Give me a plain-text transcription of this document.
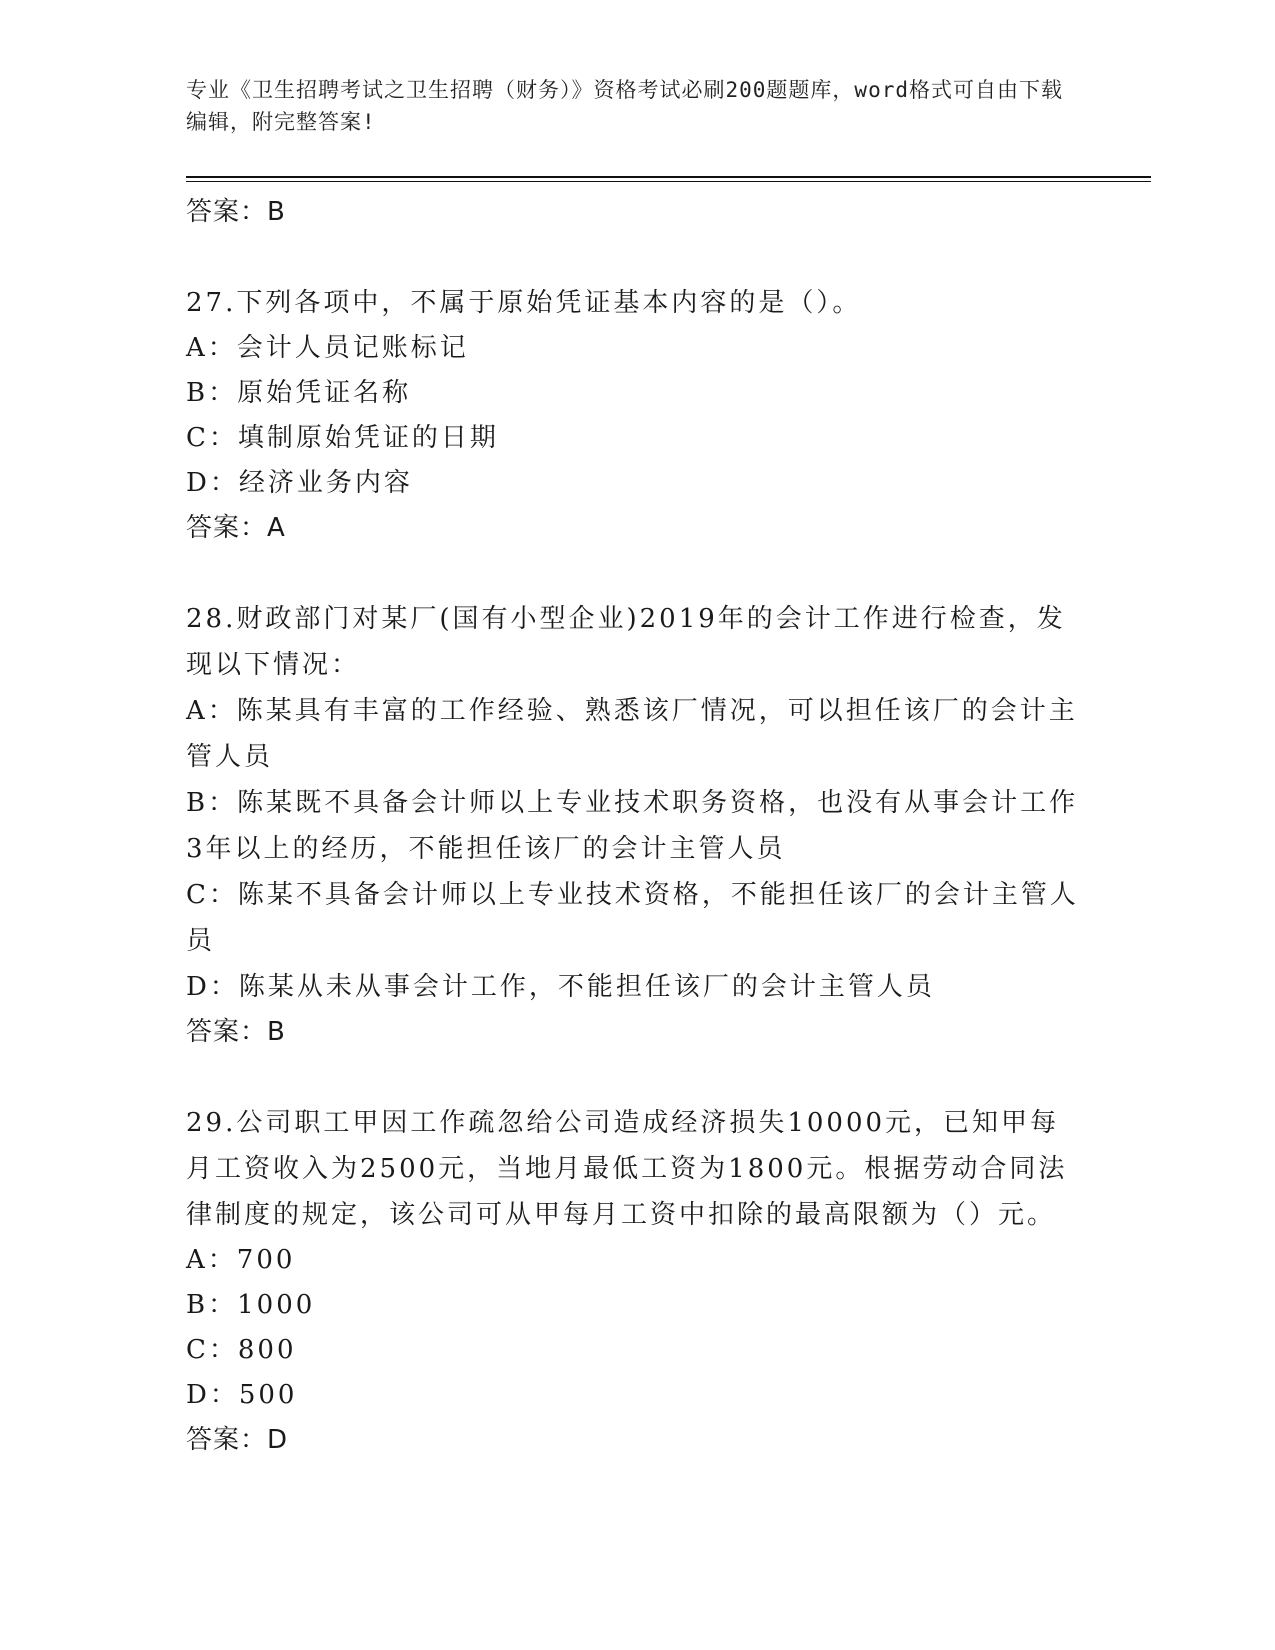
专业《卫生招聘考试之卫生招聘（财务）》资格考试必刷200题题库，word格式可自由下载编辑，附完整答案!

答案：B

27.下列各项中，不属于原始凭证基本内容的是（）。

A：会计人员记账标记

B：原始凭证名称

C：填制原始凭证的日期

D：经济业务内容

答案：A

28.财政部门对某厂(国有小型企业)2019年的会计工作进行检查，发现以下情况：

A：陈某具有丰富的工作经验、熟悉该厂情况，可以担任该厂的会计主管人员

B：陈某既不具备会计师以上专业技术职务资格，也没有从事会计工作3年以上的经历，不能担任该厂的会计主管人员

C：陈某不具备会计师以上专业技术资格，不能担任该厂的会计主管人员

D：陈某从未从事会计工作，不能担任该厂的会计主管人员

答案：B

29.公司职工甲因工作疏忽给公司造成经济损失10000元，已知甲每月工资收入为2500元，当地月最低工资为1800元。根据劳动合同法律制度的规定，该公司可从甲每月工资中扣除的最高限额为（）元。

A：700

B：1000

C：800

D：500

答案：D
